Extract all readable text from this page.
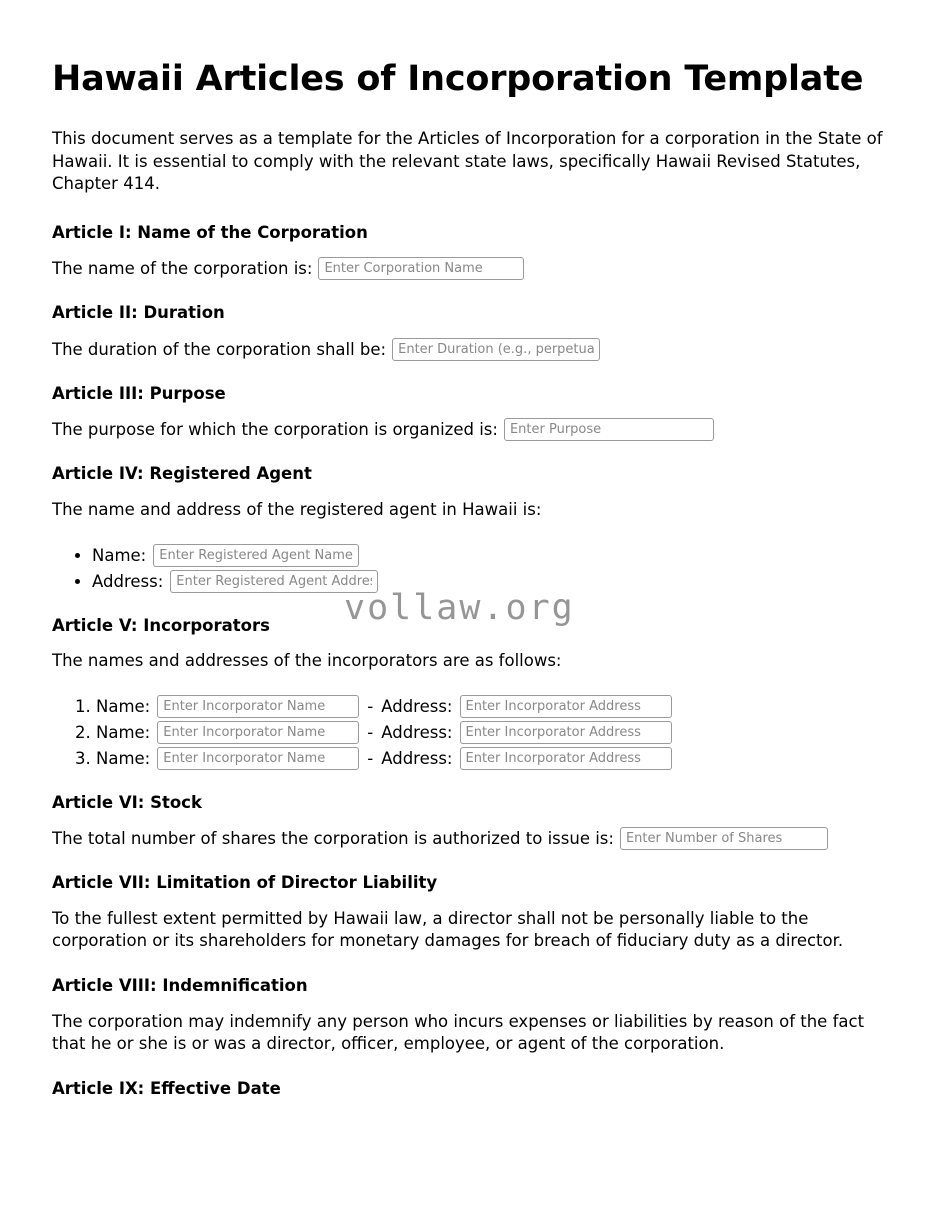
Hawaii Articles of Incorporation Template

This document serves as a template for the Articles of Incorporation for a corporation in the State of Hawaii. It is essential to comply with the relevant state laws, specifically Hawaii Revised Statutes, Chapter 414.

Article I: Name of the Corporation
The name of the corporation is:
Enter Corporation Name
Article II: Duration
The duration of the corporation shall be:
Enter Duration (e.g., perpetual)
Article III: Purpose
The purpose for which the corporation is organized is:
Enter Purpose
Article IV: Registered Agent

The name and address of the registered agent in Hawaii is:

• Name:
Enter Registered Agent Name
• Address:
Enter Registered Agent Address
Article V: Incorporators

The names and addresses of the incorporators are as follows:

1. Name:
Enter Incorporator Name	- Address:
Enter Incorporator Address
2. Name:
Enter Incorporator Name	- Address:
Enter Incorporator Address
3. Name:
Enter Incorporator Name	- Address:
Enter Incorporator Address
Article VI: Stock
The total number of shares the corporation is authorized to issue is:
Enter Number of Shares
Article VII: Limitation of Director Liability

To the fullest extent permitted by Hawaii law, a director shall not be personally liable to the corporation or its shareholders for monetary damages for breach of fiduciary duty as a director.

Article VIII: Indemnification

The corporation may indemnify any person who incurs expenses or liabilities by reason of the fact that he or she is or was a director, officer, employee, or agent of the corporation.

Article IX: Effective Date
vollaw.org
